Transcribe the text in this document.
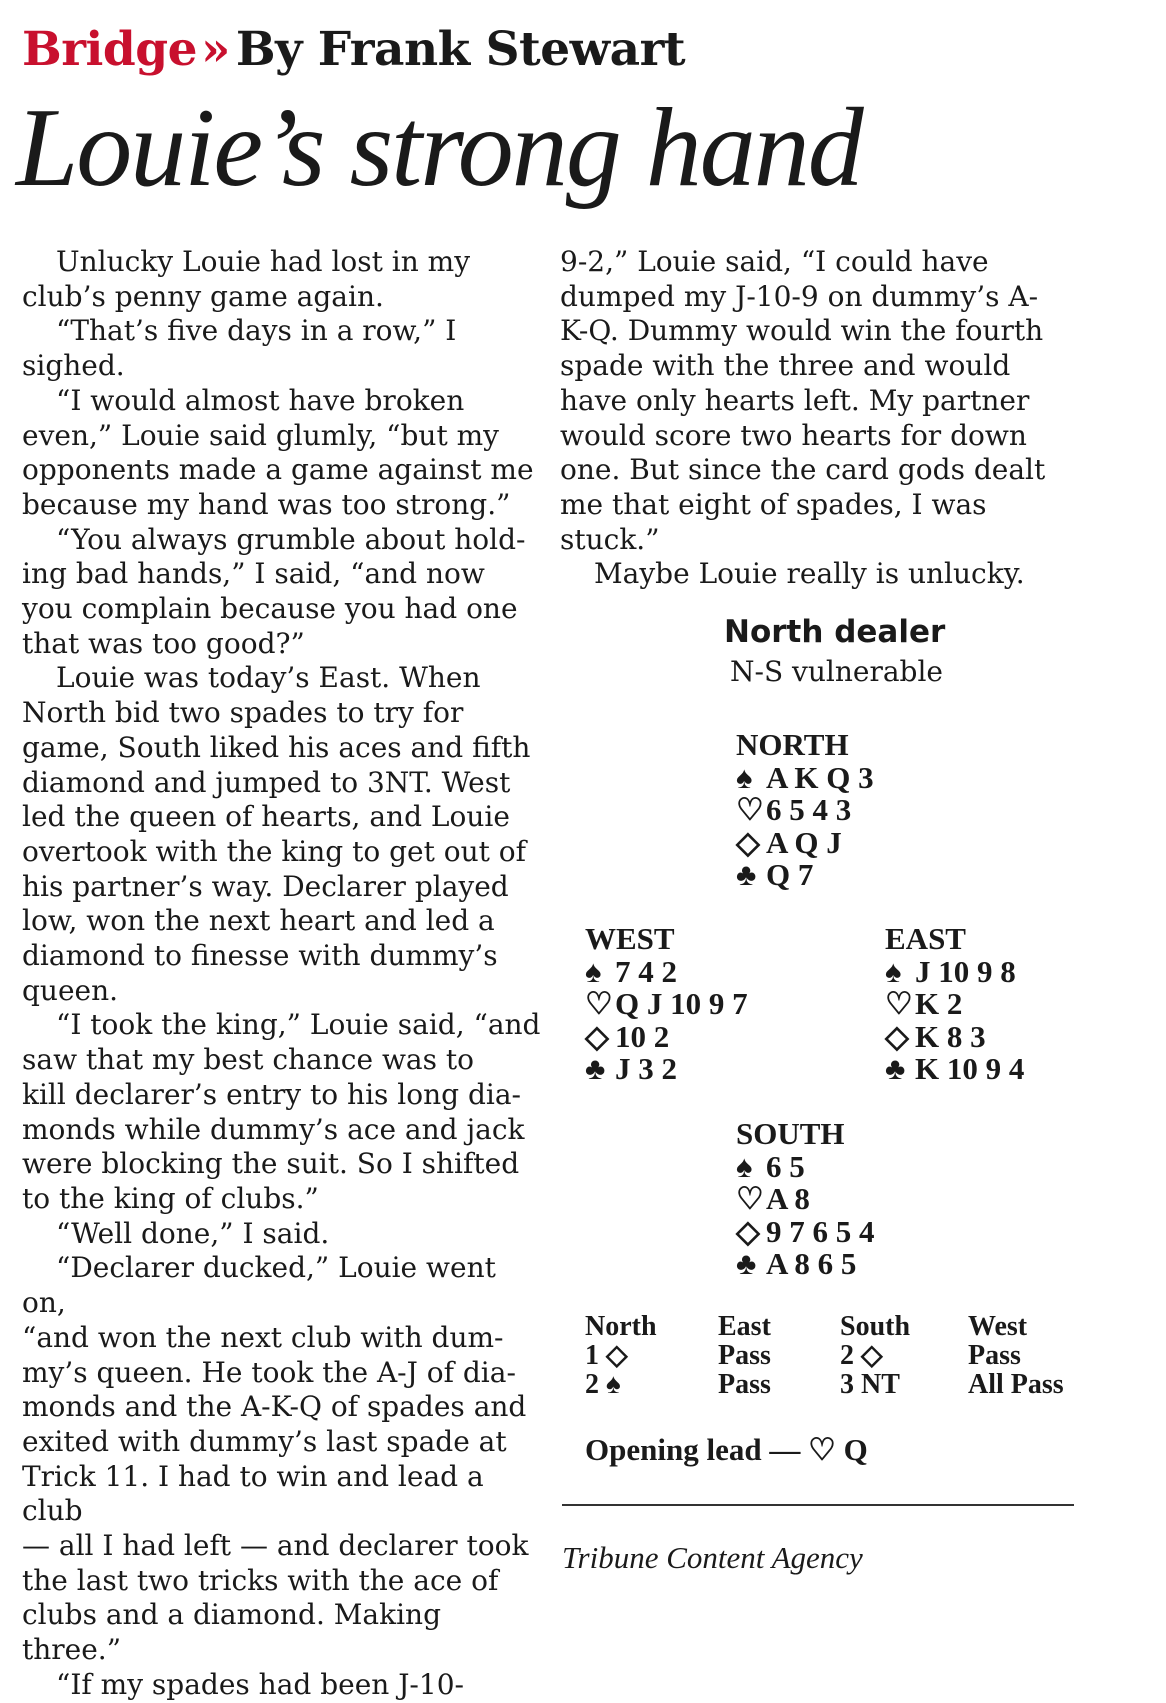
Bridge» By Frank Stewart
Louie’s strong hand

Unlucky Louie had lost in my

club’s penny game again.

“That’s five days in a row,” I

sighed.

“I would almost have broken

even,” Louie said glumly, “but my

opponents made a game against me

because my hand was too strong.”

“You always grumble about hold-

ing bad hands,” I said, “and now

you complain because you had one

that was too good?”

Louie was today’s East. When

North bid two spades to try for

game, South liked his aces and fifth

diamond and jumped to 3NT. West

led the queen of hearts, and Louie

overtook with the king to get out of

his partner’s way. Declarer played

low, won the next heart and led a

diamond to finesse with dummy’s

queen.

“I took the king,” Louie said, “and

saw that my best chance was to

kill declarer’s entry to his long dia-

monds while dummy’s ace and jack

were blocking the suit. So I shifted

to the king of clubs.”

“Well done,” I said.

“Declarer ducked,” Louie went on,

“and won the next club with dum-

my’s queen. He took the A-J of dia-

monds and the A-K-Q of spades and

exited with dummy’s last spade at

Trick 11. I had to win and lead a club

— all I had left — and declarer took

the last two tricks with the ace of

clubs and a diamond. Making three.”

“If my spades had been J-10-

9-2,” Louie said, “I could have

dumped my J-10-9 on dummy’s A-

K-Q. Dummy would win the fourth

spade with the three and would

have only hearts left. My partner

would score two hearts for down

one. But since the card gods dealt

me that eight of spades, I was

stuck.”

Maybe Louie really is unlucky.

North dealer
N-S vulnerable
NORTH
♠ A K Q 3
♡6 5 4 3
◇ A Q J
♣ Q 7
WEST
♠ 7 4 2
♡Q J 10 9 7
◇ 10 2
♣ J 3 2
EAST
♠ J 10 9 8
♡K 2
◇ K 8 3
♣ K 10 9 4
SOUTH
♠ 6 5
♡A 8
◇ 9 7 6 5 4
♣ A 8 6 5
North
1 ◇
2 ♠
East
Pass
Pass
South
2 ◇
3 NT
West
Pass
All Pass
Opening lead — ♡ Q
Tribune Content Agency
